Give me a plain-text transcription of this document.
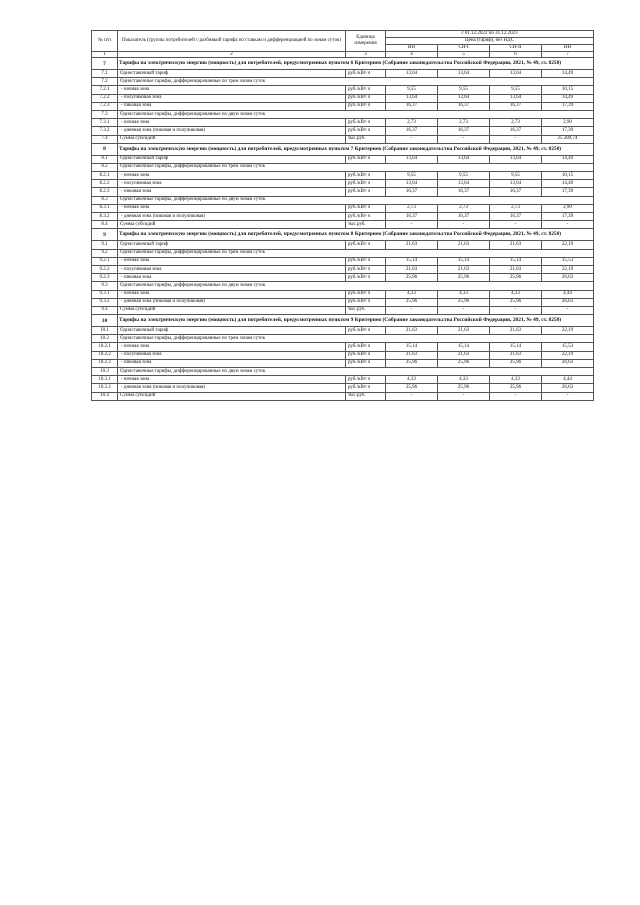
№ п/п	Показатель (группы потребителей с разбивкой тарифа по ставкам и дифференциацией по зонам суток)	Единица измерения	с 01.12.2022 по 31.12.2023			
			Цена (тариф), без НДС			
			ВН	СН-I	СН-II	НН
1	2	3	4	5	6	7
7	Тарифы на электрическую энергию (мощность) для потребителей, предусмотренных пунктом 6 Критериев (Собрание законодательства Российской Федерации, 2021, № 49, ст. 8250)					
7.1	Одноставочный тариф	руб./кВт·ч	13,64	13,64	13,64	14,49
7.2	Одноставочные тарифы, дифференцированные по трем зонам суток					
7.2.1	- ночная зона	руб./кВт·ч	9,55	9,55	9,55	10,15
7.2.2	- полупиковая зона	руб./кВт·ч	13,64	13,64	13,64	14,49
7.2.3	- пиковая зона	руб./кВт·ч	16,37	16,37	16,37	17,39
7.3	Одноставочные тарифы, дифференцированные по двум зонам суток					
7.3.1	- ночная зона	руб./кВт·ч	2,73	2,73	2,73	2,90
7.3.2	- дневная зона (пиковая и полупиковая)	руб./кВт·ч	16,37	16,37	16,37	17,39
7.4	Сумма субсидий	тыс.руб.	-	-	-	25 289,74
8	Тарифы на электрическую энергию (мощность) для потребителей, предусмотренных пунктом 7 Критериев (Собрание законодательства Российской Федерации, 2021, № 49, ст. 8250)					
8.1	Одноставочный тариф	руб./кВт·ч	13,64	13,64	13,64	14,49
8.2	Одноставочные тарифы, дифференцированные по трем зонам суток					
8.2.1	- ночная зона	руб./кВт·ч	9,55	9,55	9,55	10,15
8.2.2	- полупиковая зона	руб./кВт·ч	13,64	13,64	13,64	14,49
8.2.3	- пиковая зона	руб./кВт·ч	16,37	16,37	16,37	17,39
8.3	Одноставочные тарифы, дифференцированные по двум зонам суток					
8.3.1	- ночная зона	руб./кВт·ч	2,73	2,73	2,73	2,90
8.3.2	- дневная зона (пиковая и полупиковая)	руб./кВт·ч	16,37	16,37	16,37	17,39
8.4	Сумма субсидий	тыс.руб.	-	-	-	-
9	Тарифы на электрическую энергию (мощность) для потребителей, предусмотренных пунктом 8 Критериев (Собрание законодательства Российской Федерации, 2021, № 49, ст. 8250)					
9.1	Одноставочный тариф	руб./кВт·ч	21,63	21,63	21,63	22,19
9.2	Одноставочные тарифы, дифференцированные по трем зонам суток					
9.2.1	- ночная зона	руб./кВт·ч	15,14	15,14	15,14	15,53
9.2.2	- полупиковая зона	руб./кВт·ч	21,63	21,63	21,63	22,19
9.2.3	- пиковая зона	руб./кВт·ч	25,96	25,96	25,96	26,63
9.3	Одноставочные тарифы, дифференцированные по двум зонам суток					
9.3.1	- ночная зона	руб./кВт·ч	4,33	4,33	4,33	4,44
9.3.2	- дневная зона (пиковая и полупиковая)	руб./кВт·ч	25,96	25,96	25,96	26,63
9.4	Сумма субсидий	тыс.руб.	-	-	-	-
10	Тарифы на электрическую энергию (мощность) для потребителей, предусмотренных пунктом 9 Критериев (Собрание законодательства Российской Федерации, 2021, № 49, ст. 8250)					
10.1	Одноставочный тариф	руб./кВт·ч	21,63	21,63	21,63	22,19
10.2	Одноставочные тарифы, дифференцированные по трем зонам суток					
10.2.1	- ночная зона	руб./кВт·ч	15,14	15,14	15,14	15,53
10.2.2	- полупиковая зона	руб./кВт·ч	21,63	21,63	21,63	22,19
10.2.3	- пиковая зона	руб./кВт·ч	25,96	25,96	25,96	26,63
10.3	Одноставочные тарифы, дифференцированные по двум зонам суток					
10.3.1	- ночная зона	руб./кВт·ч	4,33	4,33	4,33	4,44
10.3.2	- дневная зона (пиковая и полупиковая)	руб./кВт·ч	25,96	25,96	25,96	26,63
10.4	Сумма субсидий	тыс.руб.	-	-	-	-
